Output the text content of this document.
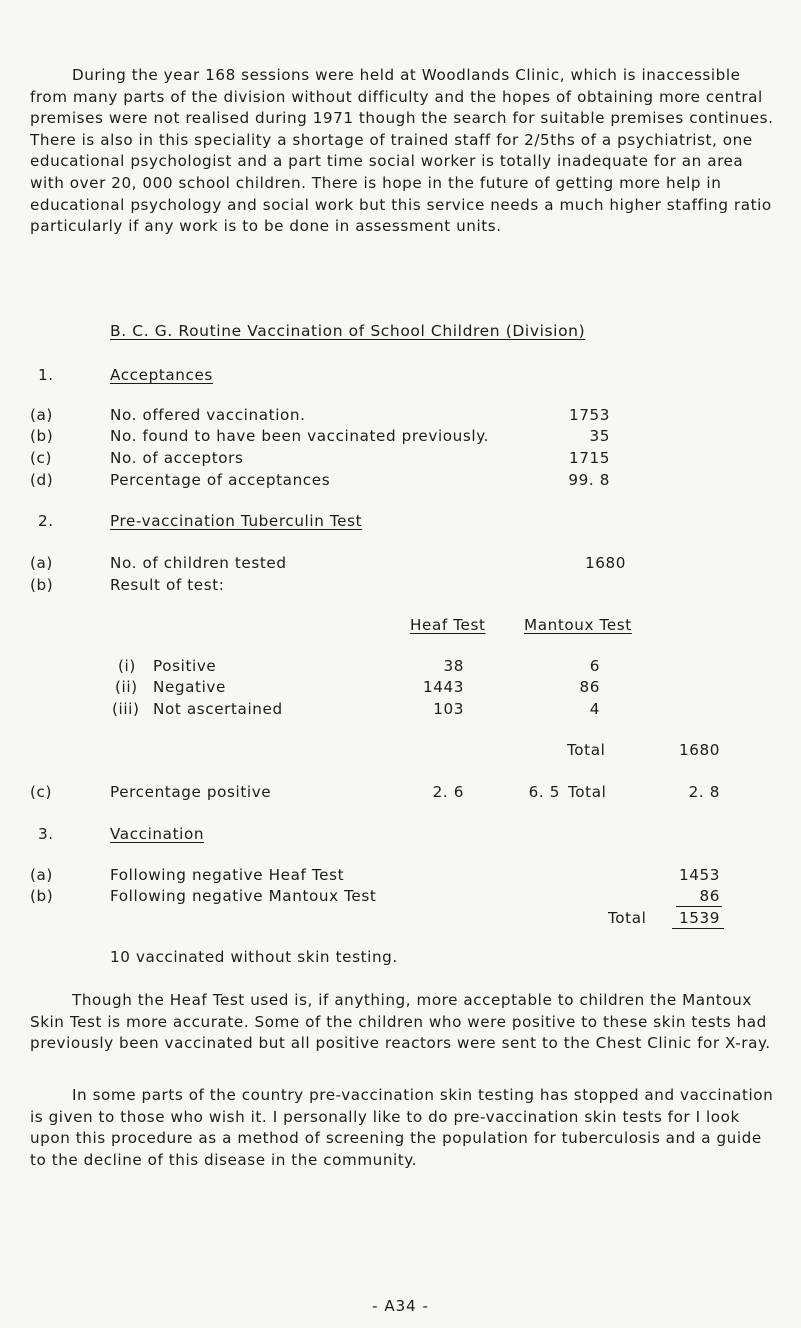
During the year 168 sessions were held at Woodlands Clinic, which is inaccessible from many parts of the division without difficulty and the hopes of obtaining more central premises were not realised during 1971 though the search for suitable premises continues. There is also in this speciality a shortage of trained staff for 2/5ths of a psychiatrist, one educational psychologist and a part time social worker is totally inadequate for an area with over 20, 000 school children. There is hope in the future of getting more help in educational psychology and social work but this service needs a much higher staffing ratio particularly if any work is to be done in assessment units.

B. C. G. Routine Vaccination of School Children (Division)
1.	Acceptances
(a)	No. offered vaccination.	1753
(b)	No. found to have been vaccinated previously.	35
(c)	No. of acceptors	1715
(d)	Percentage of acceptances	99. 8
2.	Pre-vaccination Tuberculin Test
(a)	No. of children tested	1680
(b)	Result of test:
Heaf Test	Mantoux Test
(i) Positive	38	6
(ii) Negative	1443	86
(iii) Not ascertained	103	4
Total	1680
(c)	Percentage positive	2. 6	6. 5 Total	2. 8
3.	Vaccination
(a)	Following negative Heaf Test	1453
(b)	Following negative Mantoux Test	86
Total	1539
10 vaccinated without skin testing.

Though the Heaf Test used is, if anything, more acceptable to children the Mantoux Skin Test is more accurate. Some of the children who were positive to these skin tests had previously been vaccinated but all positive reactors were sent to the Chest Clinic for X-ray.

In some parts of the country pre-vaccination skin testing has stopped and vaccination is given to those who wish it. I personally like to do pre-vaccination skin tests for I look upon this procedure as a method of screening the population for tuberculosis and a guide to the decline of this disease in the community.

- A34 -
